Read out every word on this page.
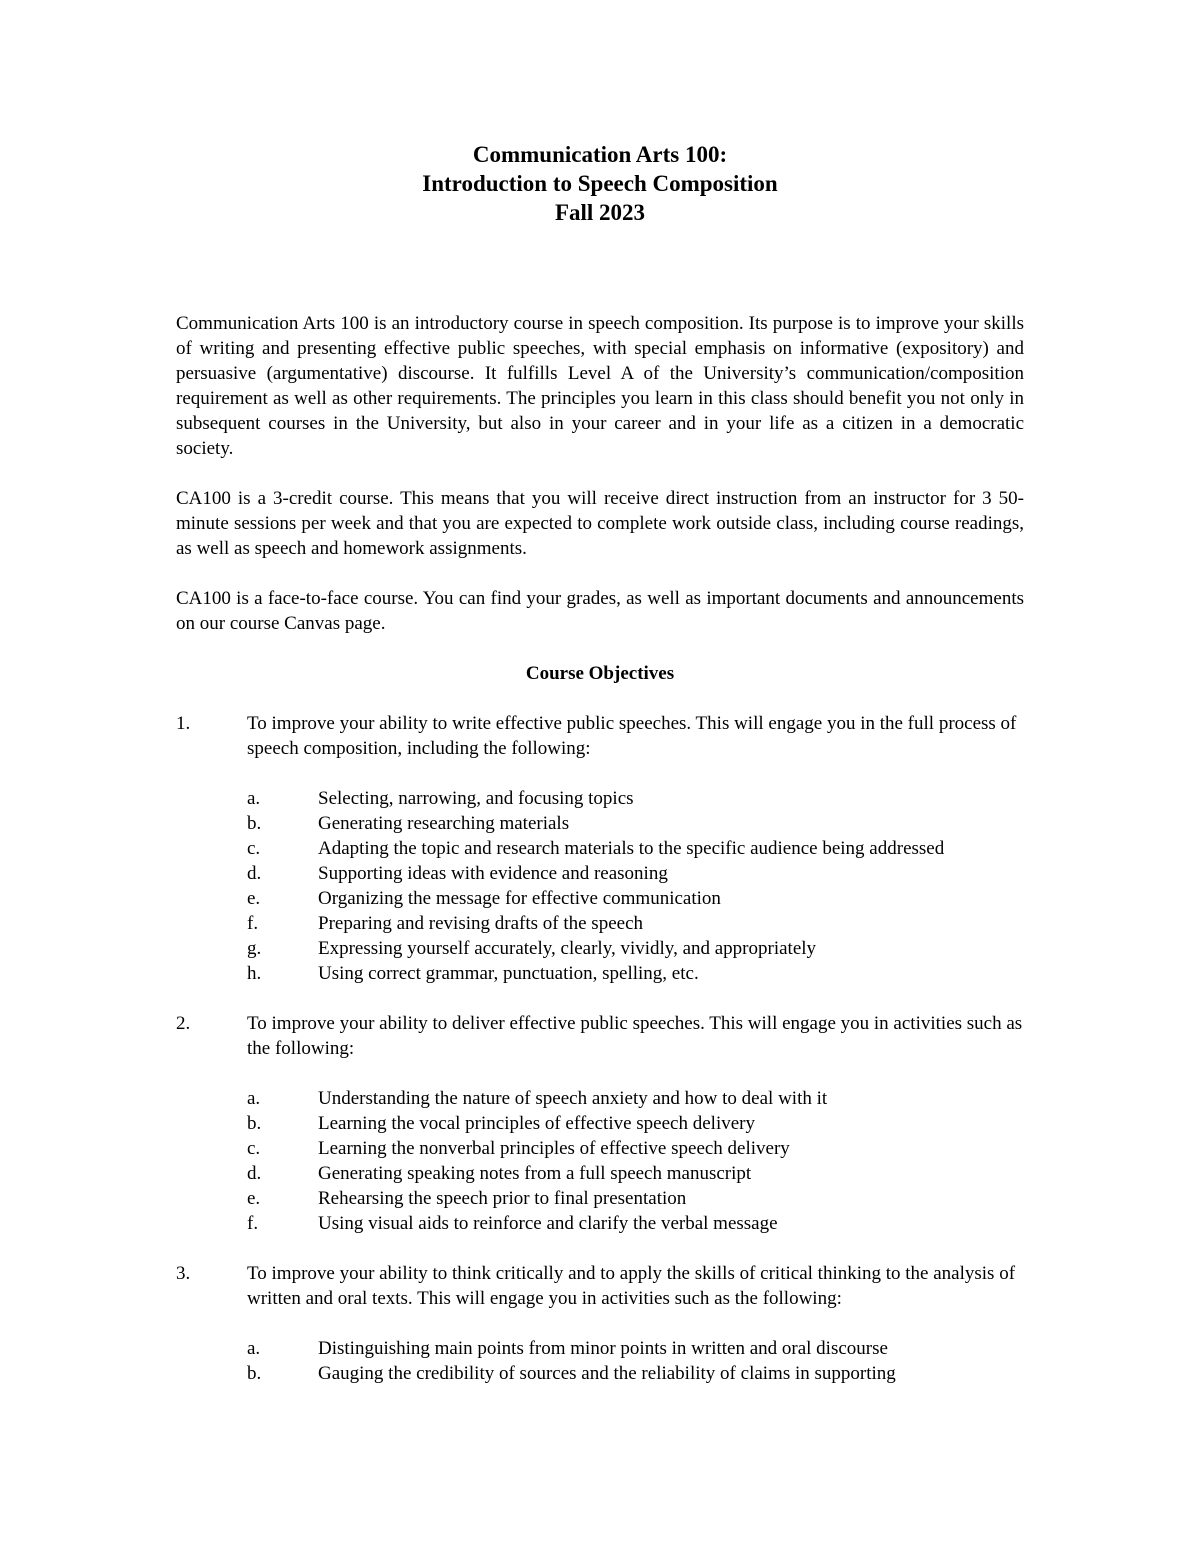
Communication Arts 100:
Introduction to Speech Composition
Fall 2023

Communication Arts 100 is an introductory course in speech composition. Its purpose is to improve your skills of writing and presenting effective public speeches, with special emphasis on informative (expository) and persuasive (argumentative) discourse. It fulfills Level A of the University’s communication/composition requirement as well as other requirements. The principles you learn in this class should benefit you not only in subsequent courses in the University, but also in your career and in your life as a citizen in a democratic society.

CA100 is a 3-credit course. This means that you will receive direct instruction from an instructor for 3 50-minute sessions per week and that you are expected to complete work outside class, including course readings, as well as speech and homework assignments.

CA100 is a face-to-face course. You can find your grades, as well as important documents and announcements on our course Canvas page.

Course Objectives
1.	To improve your ability to write effective public speeches. This will engage you in the full process of speech composition, including the following:
a.	Selecting, narrowing, and focusing topics
b.	Generating researching materials
c.	Adapting the topic and research materials to the specific audience being addressed
d.	Supporting ideas with evidence and reasoning
e.	Organizing the message for effective communication
f.	Preparing and revising drafts of the speech
g.	Expressing yourself accurately, clearly, vividly, and appropriately
h.	Using correct grammar, punctuation, spelling, etc.
2.	To improve your ability to deliver effective public speeches. This will engage you in activities such as the following:
a.	Understanding the nature of speech anxiety and how to deal with it
b.	Learning the vocal principles of effective speech delivery
c.	Learning the nonverbal principles of effective speech delivery
d.	Generating speaking notes from a full speech manuscript
e.	Rehearsing the speech prior to final presentation
f.	Using visual aids to reinforce and clarify the verbal message
3.	To improve your ability to think critically and to apply the skills of critical thinking to the analysis of written and oral texts. This will engage you in activities such as the following:
a.	Distinguishing main points from minor points in written and oral discourse
b.	Gauging the credibility of sources and the reliability of claims in supporting
